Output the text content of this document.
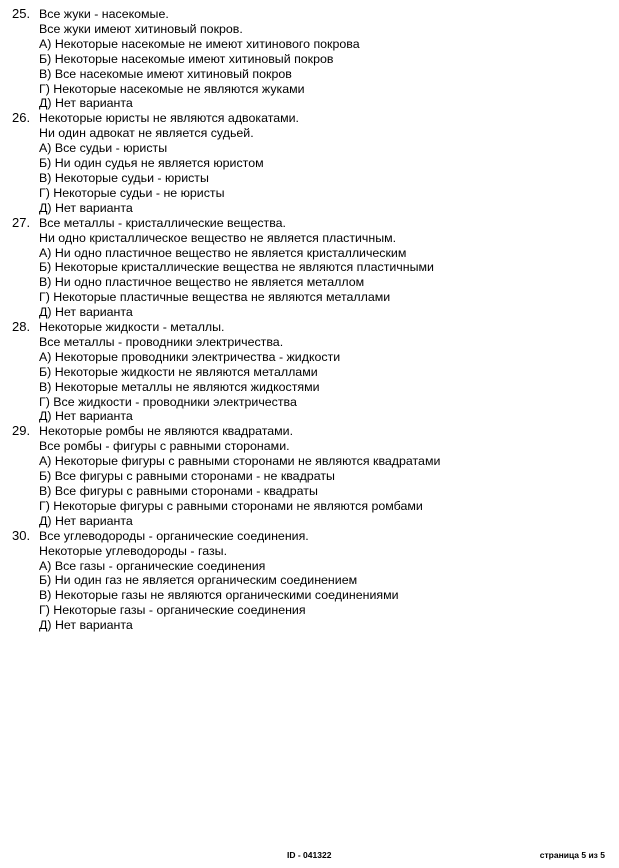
25. Все жуки - насекомые.
Все жуки имеют хитиновый покров.
А) Некоторые насекомые не имеют хитинового покрова
Б) Некоторые насекомые имеют хитиновый покров
В) Все насекомые имеют хитиновый покров
Г) Некоторые насекомые не являются жуками
Д) Нет варианта
26. Некоторые юристы не являются адвокатами.
Ни один адвокат не является судьей.
А) Все судьи - юристы
Б) Ни один судья не является юристом
В) Некоторые судьи - юристы
Г) Некоторые судьи - не юристы
Д) Нет варианта
27. Все металлы - кристаллические вещества.
Ни одно кристаллическое вещество не является пластичным.
А) Ни одно пластичное вещество не является кристаллическим
Б) Некоторые кристаллические вещества не являются пластичными
В) Ни одно пластичное вещество не является металлом
Г) Некоторые пластичные вещества не являются металлами
Д) Нет варианта
28. Некоторые жидкости - металлы.
Все металлы - проводники электричества.
А) Некоторые проводники электричества - жидкости
Б) Некоторые жидкости не являются металлами
В) Некоторые металлы не являются жидкостями
Г) Все жидкости - проводники электричества
Д) Нет варианта
29. Некоторые ромбы не являются квадратами.
Все ромбы - фигуры с равными сторонами.
А) Некоторые фигуры с равными сторонами не являются квадратами
Б) Все фигуры с равными сторонами - не квадраты
В) Все фигуры с равными сторонами - квадраты
Г) Некоторые фигуры с равными сторонами не являются ромбами
Д) Нет варианта
30. Все углеводороды - органические соединения.
Некоторые углеводороды - газы.
А) Все газы - органические соединения
Б) Ни один газ не является органическим соединением
В) Некоторые газы не являются органическими соединениями
Г) Некоторые газы - органические соединения
Д) Нет варианта
ID - 041322	страница 5 из 5
